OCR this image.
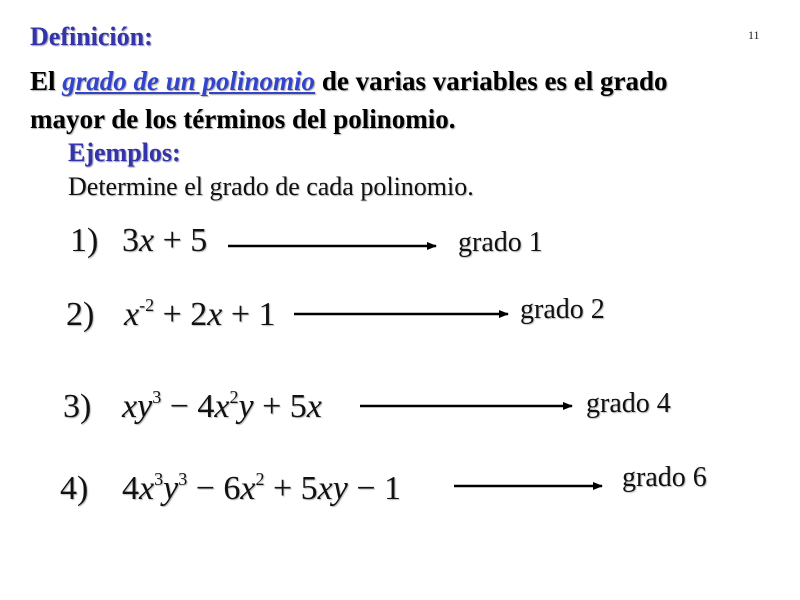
Definición:	11
El grado de un polinomio de varias variables es el grado
mayor de los términos del polinomio.
Ejemplos:
Determine el grado de cada polinomio.
1) 3x + 5	grado 1
2) $x^{-2} + 2x + 1$	grado 2
3) $xy^3 - 4x^2y + 5x$	grado 4
4) $4x^3y^3 - 6x^2 + 5xy - 1$	grado 6
